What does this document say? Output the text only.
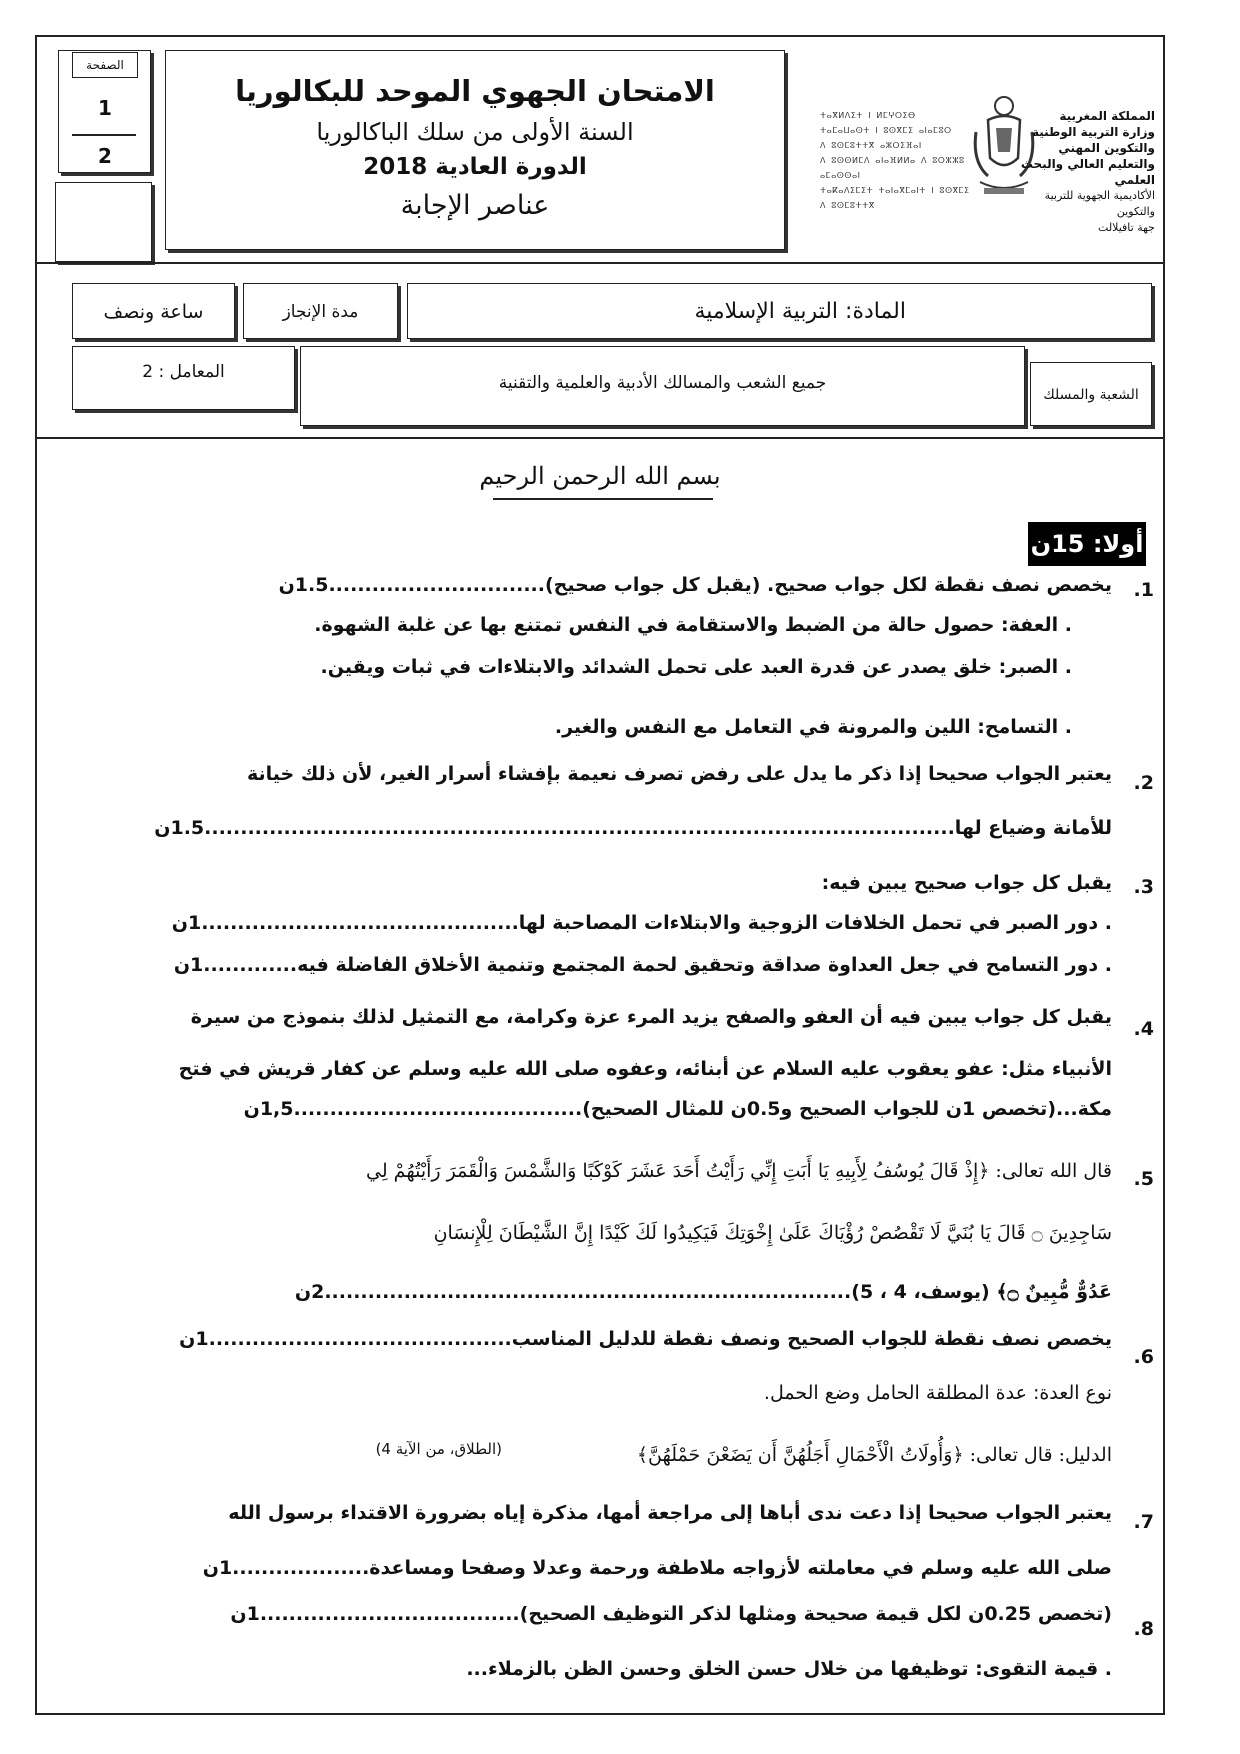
الصفحة
1
2
الامتحان الجهوي الموحد للبكالوريا
السنة الأولى من سلك الباكالوريا
الدورة العادية 2018
عناصر الإجابة
ⵜⴰⴳⵍⴷⵉⵜ ⵏ ⵍⵎⵖⵔⵉⴱ
ⵜⴰⵎⴰⵡⴰⵙⵜ ⵏ ⵓⵙⴳⵎⵉ ⴰⵏⴰⵎⵓⵔ
ⴷ ⵓⵙⵎⵓⵜⵜⴳ ⴰⵣⵔⵉⴼⴰⵏ
ⴷ ⵓⵙⵙⵍⵎⴷ ⴰⵏⴰⴼⵍⵍⴰ ⴷ ⵓⵔⵣⵣⵓ ⴰⵎⴰⵙⵙⴰⵏ
ⵜⴰⴽⴰⴷⵉⵎⵉⵜ ⵜⴰⵏⴰⴳⵎⴰⵏⵜ ⵏ ⵓⵙⴳⵎⵉ
ⴷ ⵓⵙⵎⵓⵜⵜⴳ
المملكة المغربية
وزارة التربية الوطنية
والتكوين المهني
والتعليم العالي والبحث العلمي
الأكاديمية الجهوية للتربية والتكوين
جهة تافيلالت
ساعة ونصف	مدة الإنجاز	المادة: التربية الإسلامية
المعامل : 2
جميع الشعب والمسالك الأدبية والعلمية والتقنية
الشعبة والمسلك
بسم الله الرحمن الرحيم
أولا: 15ن
1.
يخصص نصف نقطة لكل جواب صحيح. (يقبل كل جواب صحيح)..............................1.5ن
. العفة: حصول حالة من الضبط والاستقامة في النفس تمتنع بها عن غلبة الشهوة.
. الصبر: خلق يصدر عن قدرة العبد على تحمل الشدائد والابتلاءات في ثبات ويقين.
. التسامح: اللين والمرونة في التعامل مع النفس والغير.
2.
يعتبر الجواب صحيحا إذا ذكر ما يدل على رفض تصرف نعيمة بإفشاء أسرار الغير، لأن ذلك خيانة
للأمانة وضياع لها........................................................................................................1.5ن
3.
يقبل كل جواب صحيح يبين فيه:
. دور الصبر في تحمل الخلافات الزوجية والابتلاءات المصاحبة لها............................................1ن
. دور التسامح في جعل العداوة صداقة وتحقيق لحمة المجتمع وتنمية الأخلاق الفاضلة فيه.............1ن
4.
يقبل كل جواب يبين فيه أن العفو والصفح يزيد المرء عزة وكرامة، مع التمثيل لذلك بنموذج من سيرة
الأنبياء مثل: عفو يعقوب عليه السلام عن أبنائه، وعفوه صلى الله عليه وسلم عن كفار قريش في فتح
مكة...(تخصص 1ن للجواب الصحيح و0.5ن للمثال الصحيح)........................................1,5ن
5.
قال الله تعالى: ﴿إِذْ قَالَ يُوسُفُ لِأَبِيهِ يَا أَبَتِ إِنِّي رَأَيْتُ أَحَدَ عَشَرَ كَوْكَبًا وَالشَّمْسَ وَالْقَمَرَ رَأَيْتُهُمْ لِي
سَاجِدِينَ ۝ قَالَ يَا بُنَيَّ لَا تَقْصُصْ رُؤْيَاكَ عَلَىٰ إِخْوَتِكَ فَيَكِيدُوا لَكَ كَيْدًا إِنَّ الشَّيْطَانَ لِلْإِنسَانِ
عَدُوٌّ مُّبِينٌ ۝﴾ (يوسف، 4 ، 5).........................................................................2ن
6.
يخصص نصف نقطة للجواب الصحيح ونصف نقطة للدليل المناسب..........................................1ن
نوع العدة: عدة المطلقة الحامل وضع الحمل.
الدليل: قال تعالى: ﴿وَأُولَاتُ الْأَحْمَالِ أَجَلُهُنَّ أَن يَضَعْنَ حَمْلَهُنَّ﴾
(الطلاق، من الآية 4)
7.
يعتبر الجواب صحيحا إذا دعت ندى أباها إلى مراجعة أمها، مذكرة إياه بضرورة الاقتداء برسول الله
صلى الله عليه وسلم في معاملته لأزواجه ملاطفة ورحمة وعدلا وصفحا ومساعدة...................1ن
8.
(تخصص 0.25ن لكل قيمة صحيحة ومثلها لذكر التوظيف الصحيح)....................................1ن
. قيمة التقوى: توظيفها من خلال حسن الخلق وحسن الظن بالزملاء...
